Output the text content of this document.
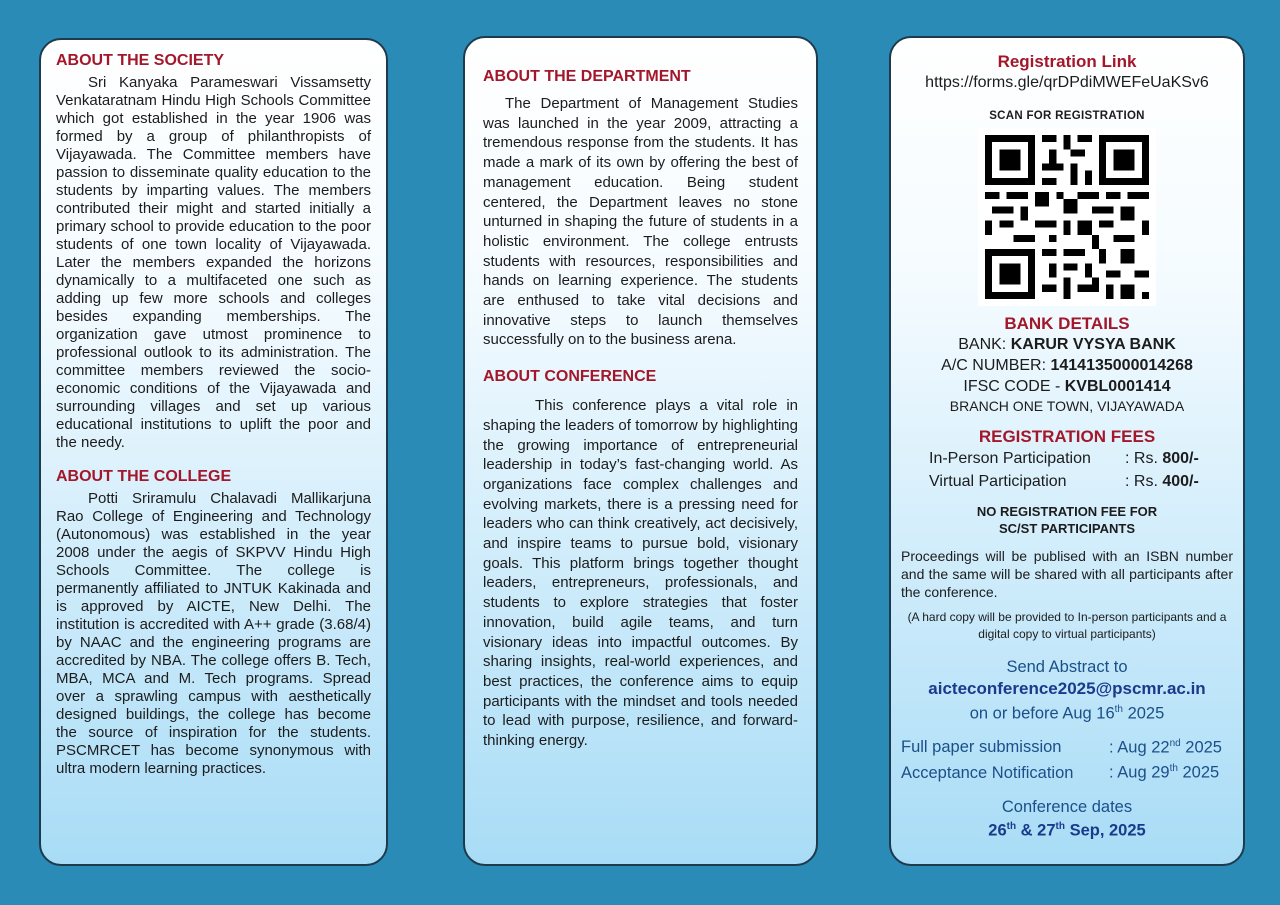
ABOUT THE SOCIETY

Sri Kanyaka Parameswari Vissamsetty Venkataratnam Hindu High Schools Committee which got established in the year 1906 was formed by a group of philanthropists of Vijayawada. The Committee members have passion to disseminate quality education to the students by imparting values. The members contributed their might and started initially a primary school to provide education to the poor students of one town locality of Vijayawada. Later the members expanded the horizons dynamically to a multifaceted one such as adding up few more schools and colleges besides expanding memberships. The organization gave utmost prominence to professional outlook to its administration. The committee members reviewed the socio-economic conditions of the Vijayawada and surrounding villages and set up various educational institutions to uplift the poor and the needy.

ABOUT THE COLLEGE

Potti Sriramulu Chalavadi Mallikarjuna Rao College of Engineering and Technology (Autonomous) was established in the year 2008 under the aegis of SKPVV Hindu High Schools Committee. The college is permanently affiliated to JNTUK Kakinada and is approved by AICTE, New Delhi. The institution is accredited with A++ grade (3.68/4) by NAAC and the engineering programs are accredited by NBA. The college offers B. Tech, MBA, MCA and M. Tech programs. Spread over a sprawling campus with aesthetically designed buildings, the college has become the source of inspiration for the students. PSCMRCET has become synonymous with ultra modern learning practices.

ABOUT THE DEPARTMENT

The Department of Management Studies was launched in the year 2009, attracting a tremendous response from the students. It has made a mark of its own by offering the best of management education. Being student centered, the Department leaves no stone unturned in shaping the future of students in a holistic environment. The college entrusts students with resources, responsibilities and hands on learning experience. The students are enthused to take vital decisions and innovative steps to launch themselves successfully on to the business arena.

ABOUT CONFERENCE

This conference plays a vital role in shaping the leaders of tomorrow by highlighting the growing importance of entrepreneurial leadership in today’s fast-changing world. As organizations face complex challenges and evolving markets, there is a pressing need for leaders who can think creatively, act decisively, and inspire teams to pursue bold, visionary goals. This platform brings together thought leaders, entrepreneurs, professionals, and students to explore strategies that foster innovation, build agile teams, and turn visionary ideas into impactful outcomes. By sharing insights, real-world experiences, and best practices, the conference aims to equip participants with the mindset and tools needed to lead with purpose, resilience, and forward-thinking energy.

Registration Link
https://forms.gle/qrDPdiMWEFeUaKSv6
SCAN FOR REGISTRATION
BANK DETAILS
BANK: KARUR VYSYA BANK
A/C NUMBER: 1414135000014268
IFSC CODE - KVBL0001414
BRANCH ONE TOWN, VIJAYAWADA
REGISTRATION FEES
In-Person Participation : Rs. 800/-
Virtual Participation	: Rs. 400/-
NO REGISTRATION FEE FOR
SC/ST PARTICIPANTS
Proceedings will be publised with an ISBN number and the same will be shared with all participants after the conference.
(A hard copy will be provided to In-person participants and a digital copy to virtual participants)
Send Abstract to
aicteconference2025@pscmr.ac.in
on or before Aug 16th 2025
Full paper submission	: Aug 22nd 2025
Acceptance Notification : Aug 29th 2025
Conference dates
26th & 27th Sep, 2025
